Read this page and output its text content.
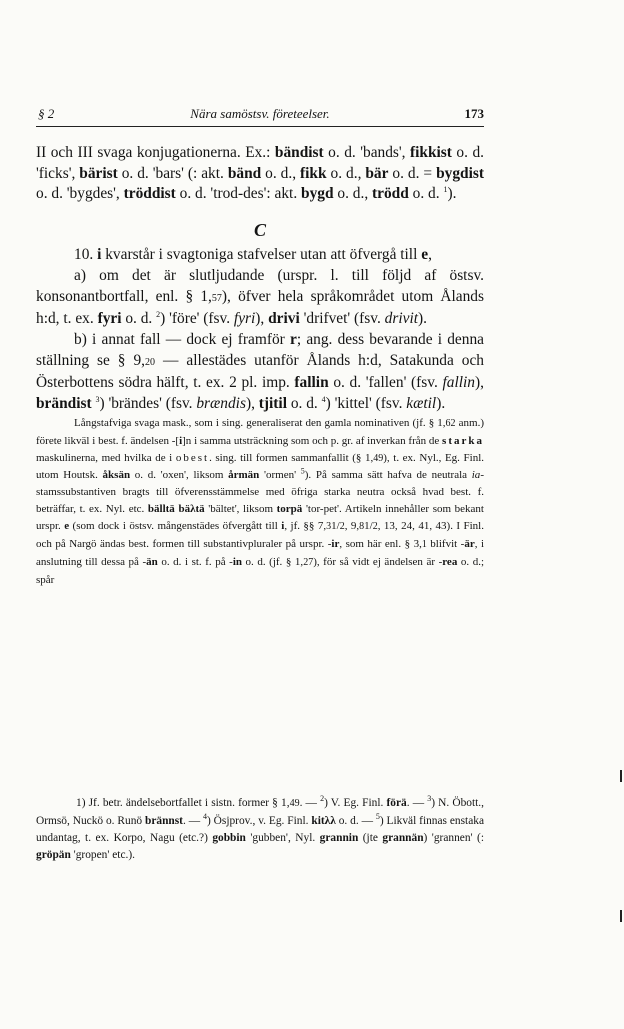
§ 2	Nära samöstsv. företeelser.	173

II och III svaga konjugationerna. Ex.: bändist o. d. 'bands', fikkist o. d. 'ficks', bärist o. d. 'bars' (: akt. bänd o. d., fikk o. d., bär o. d. = bygdist o. d. 'bygdes', tröddist o. d. 'trod-des': akt. bygd o. d., trödd o. d. $^1$).

C

10. i kvarstår i svagtoniga stafvelser utan att öfvergå till e,

a) om det är slutljudande (urspr. l. till följd af östsv. konsonantbortfall, enl. § 1,57), öfver hela språkområdet utom Ålands h:d, t. ex. fyri o. d. $^2$) 'före' (fsv. fyri), drivi 'drifvet' (fsv. drivit).

b) i annat fall — dock ej framför r; ang. dess bevarande i denna ställning se § 9,20 — allestädes utanför Ålands h:d, Satakunda och Österbottens södra hälft, t. ex. 2 pl. imp. fallin o. d. 'fallen' (fsv. fallin), brändist $^3$) 'brändes' (fsv. brændis), tjitil o. d. $^4$) 'kittel' (fsv. kætil).

Långstafviga svaga mask., som i sing. generaliserat den gamla nominativen (jf. § 1,62 anm.) förete likväl i best. f. ändelsen -[i]n i samma utsträckning som och p. gr. af inverkan från de starka maskulinerna, med hvilka de i obest. sing. till formen sammanfallit (§ 1,49), t. ex. Nyl., Eg. Finl. utom Houtsk. åksän o. d. 'oxen', liksom årmän 'ormen' $^5$). På samma sätt hafva de neutrala ia-stamssubstantiven bragts till öfverensstämmelse med öfriga starka neutra också hvad best. f. beträffar, t. ex. Nyl. etc. bälltä bäλtä 'bältet', liksom torpä 'tor-pet'. Artikeln innehåller som bekant urspr. e (som dock i östsv. mångenstädes öfvergått till i, jf. §§ 7,31/2, 9,81/2, 13, 24, 41, 43). I Finl. och på Nargö ändas best. formen till substantivpluraler på urspr. -ir, som här enl. § 3,1 blifvit -är, i anslutning till dessa på -än o. d. i st. f. på -in o. d. (jf. § 1,27), för så vidt ej ändelsen är -rea o. d.; spår

1) Jf. betr. ändelsebortfallet i sistn. former § 1,49. — $^2$) V. Eg. Finl. förä. — $^3$) N. Öbott., Ormsö, Nuckö o. Runö brännst. — $^4$) Ösjprov., v. Eg. Finl. kitλλ o. d. — $^5$) Likväl finnas enstaka undantag, t. ex. Korpo, Nagu (etc.?) gobbin 'gubben', Nyl. grannin (jte grannän) 'grannen' (: gröpän 'gropen' etc.).
